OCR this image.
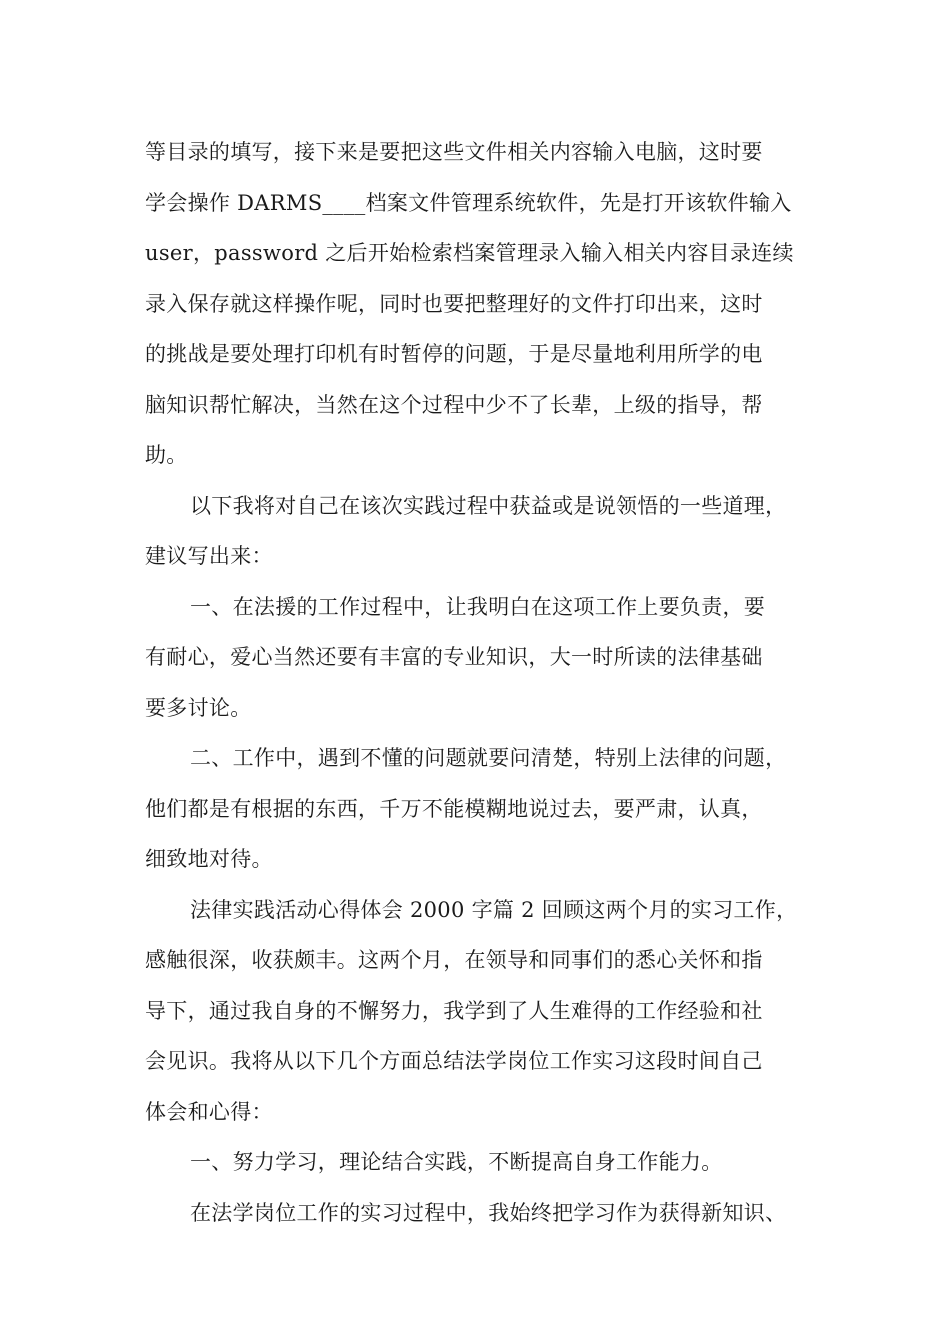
等目录的填写，接下来是要把这些文件相关内容输入电脑，这时要
学会操作 DARMS____档案文件管理系统软件，先是打开该软件输入
user，password 之后开始检索档案管理录入输入相关内容目录连续
录入保存就这样操作呢，同时也要把整理好的文件打印出来，这时
的挑战是要处理打印机有时暂停的问题，于是尽量地利用所学的电
脑知识帮忙解决，当然在这个过程中少不了长辈，上级的指导，帮
助。
以下我将对自己在该次实践过程中获益或是说领悟的一些道理，
建议写出来：
一、在法援的工作过程中，让我明白在这项工作上要负责，要
有耐心，爱心当然还要有丰富的专业知识，大一时所读的法律基础
要多讨论。
二、工作中，遇到不懂的问题就要问清楚，特别上法律的问题，
他们都是有根据的东西，千万不能模糊地说过去，要严肃，认真，
细致地对待。
法律实践活动心得体会 2000 字篇 2 回顾这两个月的实习工作，
感触很深，收获颇丰。这两个月，在领导和同事们的悉心关怀和指
导下，通过我自身的不懈努力，我学到了人生难得的工作经验和社
会见识。我将从以下几个方面总结法学岗位工作实习这段时间自己
体会和心得：
一、努力学习，理论结合实践，不断提高自身工作能力。
在法学岗位工作的实习过程中，我始终把学习作为获得新知识、
